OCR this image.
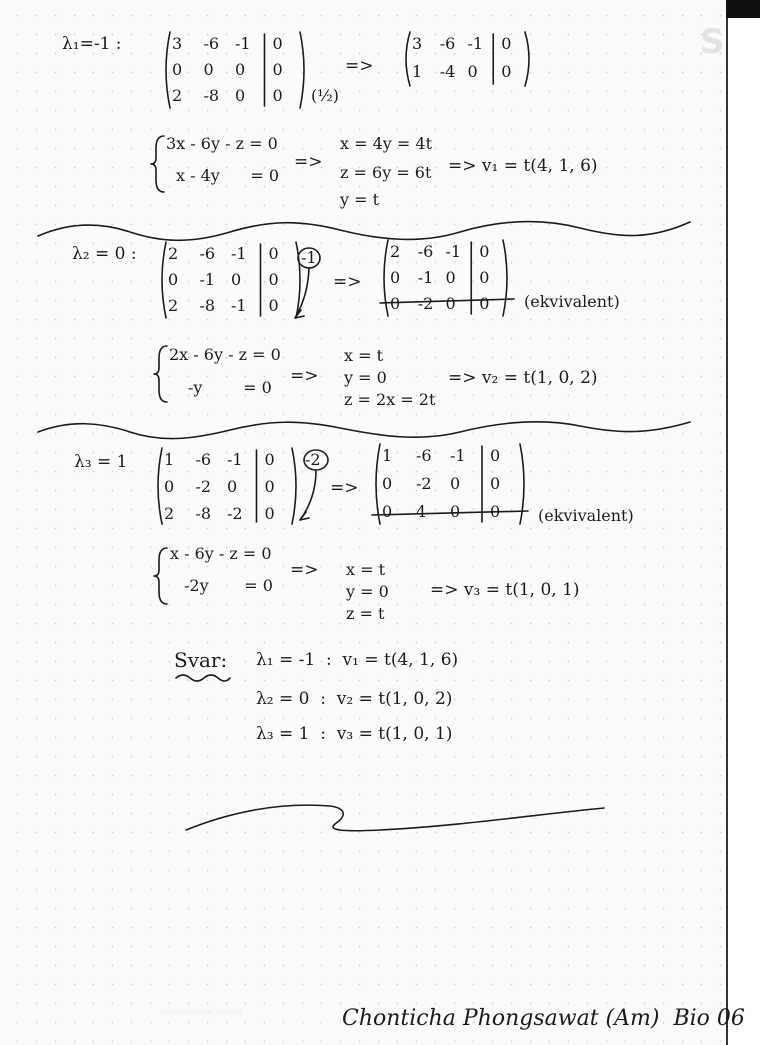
S
Studentblocket Sverige
λ₁=-1 :	3 -6 -1 0
0 0 0 0
2 -8 0 0 (½)
=>
3 -6 -1 0
1 -4 0 0
3x - 6y - z = 0
x - 4y      = 0
=>
x = 4y = 4t
z = 6y = 6t
y = t
=> v₁ = t(4, 1, 6)
λ₂ = 0 : 2 -6 -1 0
0 -1 0 0
2 -8 -1 0
-1
=>
2 -6 -1 0
0 -1 0 0
0 -2 0 0 (ekvivalent)
2x - 6y - z = 0
-y        = 0
=>
x = t
y = 0
z = 2x = 2t
=> v₂ = t(1, 0, 2)
λ₃ = 1 1 -6 -1 0
0 -2 0 0
2 -8 -2 0
-2
=>
1 -6 -1 0
0 -2 0 0
0 4 0 0 (ekvivalent)
x - 6y - z = 0
-2y       = 0
=> x = t
y = 0
z = t
=> v₃ = t(1, 0, 1)
Svar: λ₁ = -1  :  v₁ = t(4, 1, 6)
λ₂ = 0  :  v₂ = t(1, 0, 2)
λ₃ = 1  :  v₃ = t(1, 0, 1)
Chonticha Phongsawat (Am)  Bio 06
